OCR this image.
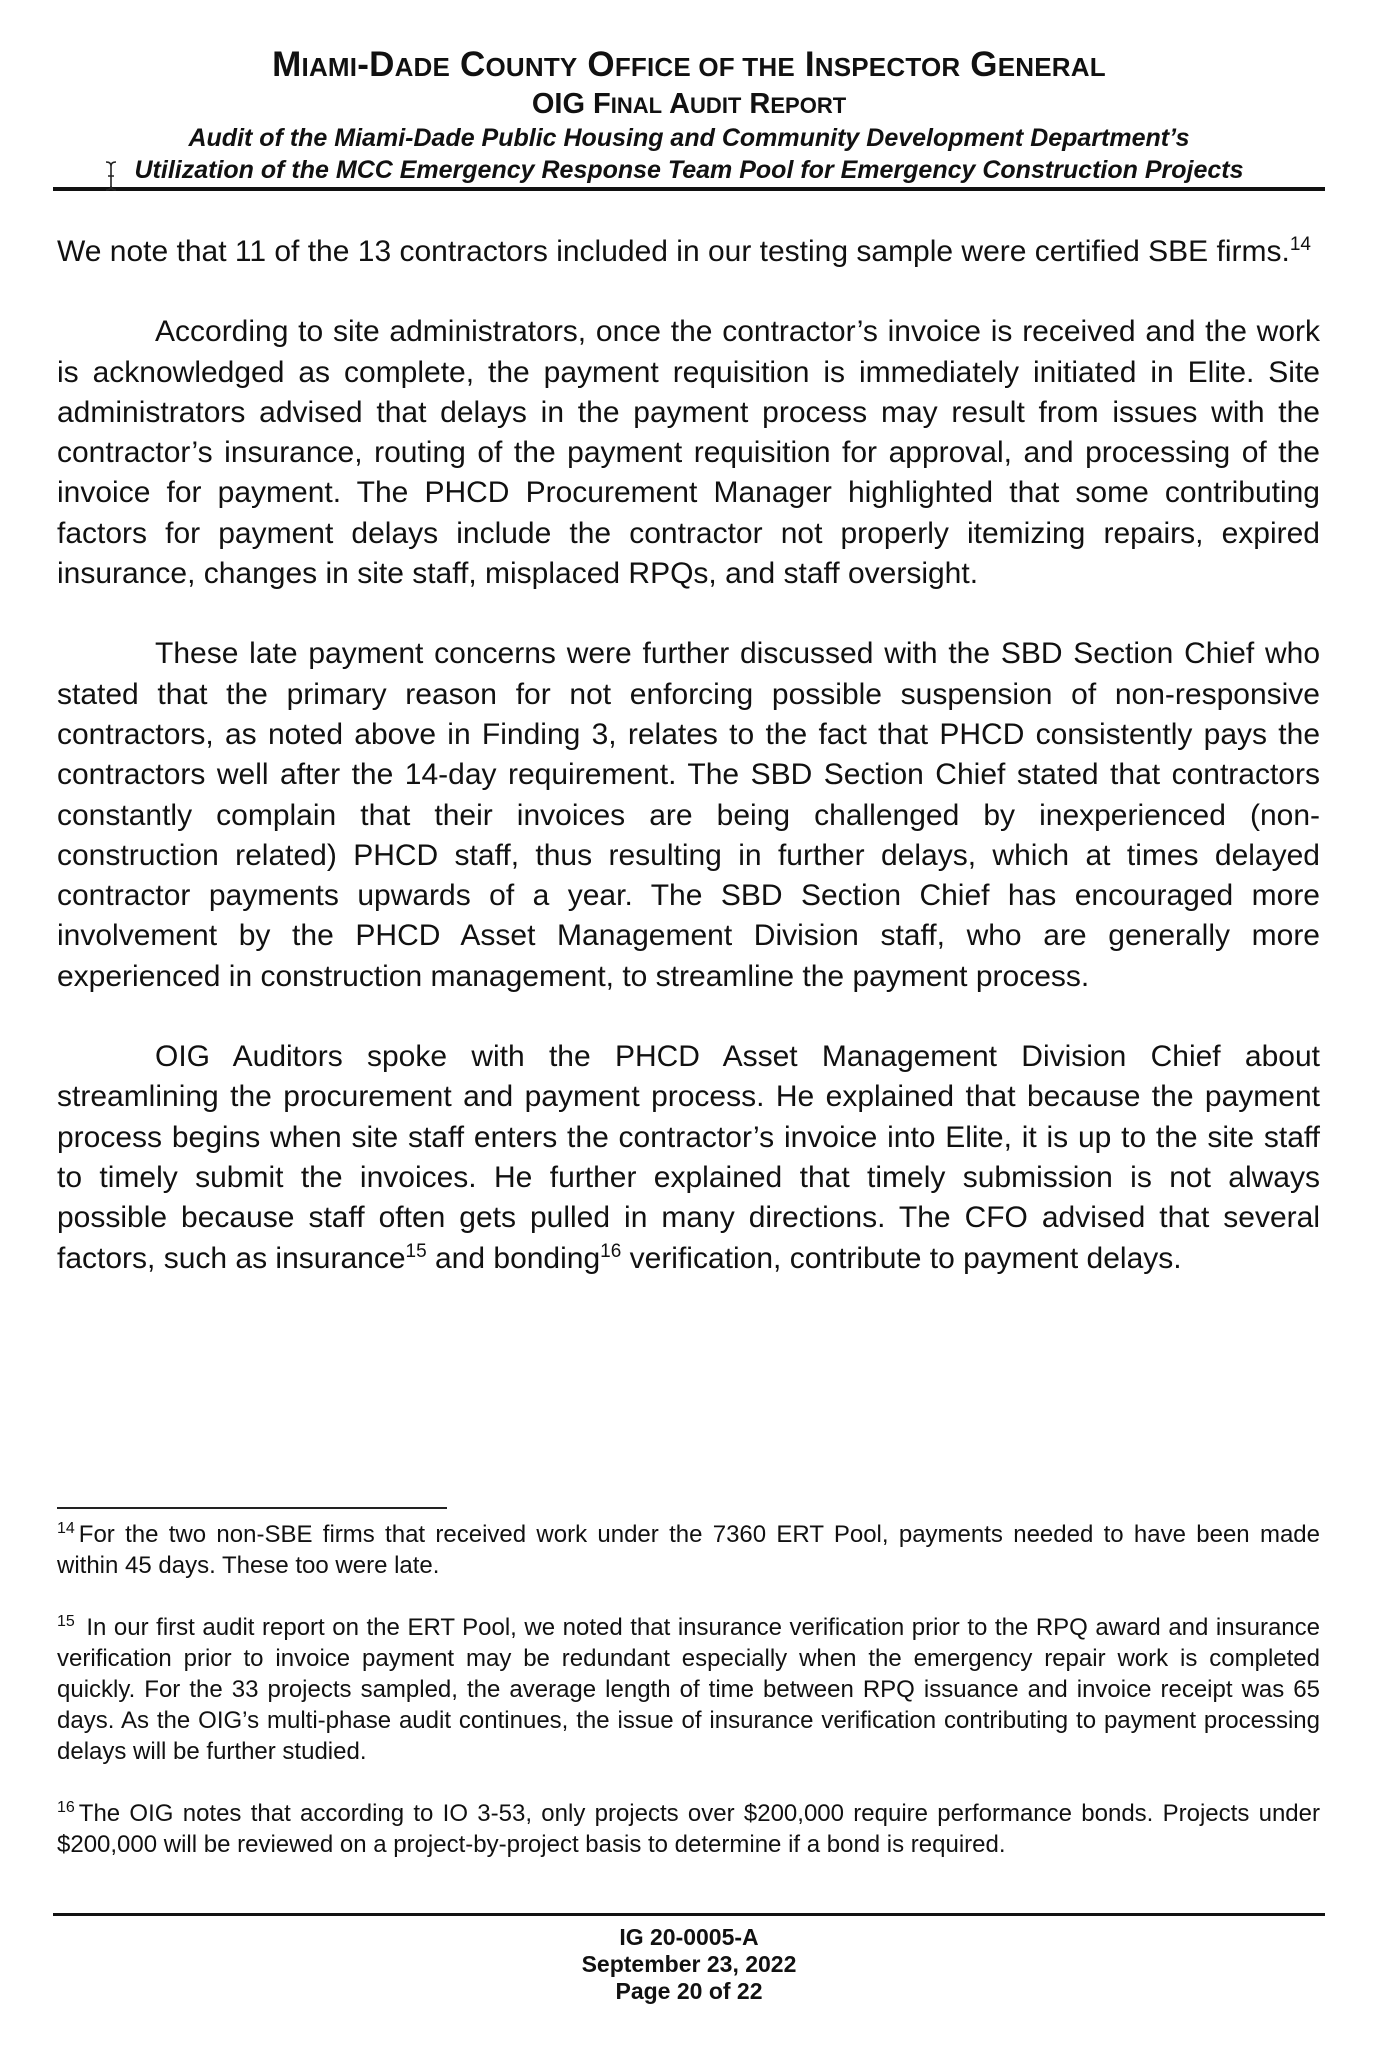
MIAMI-DADE COUNTY OFFICE OF THE INSPECTOR GENERAL
OIG FINAL AUDIT REPORT
Audit of the Miami-Dade Public Housing and Community Development Department’s
Utilization of the MCC Emergency Response Team Pool for Emergency Construction Projects

We note that 11 of the 13 contractors included in our testing sample were certified SBE firms.$^{14}$

According to site administrators, once the contractor’s invoice is received and the work is acknowledged as complete, the payment requisition is immediately initiated in Elite. Site administrators advised that delays in the payment process may result from issues with the contractor’s insurance, routing of the payment requisition for approval, and processing of the invoice for payment. The PHCD Procurement Manager highlighted that some contributing factors for payment delays include the contractor not properly itemizing repairs, expired insurance, changes in site staff, misplaced RPQs, and staff oversight.

These late payment concerns were further discussed with the SBD Section Chief who stated that the primary reason for not enforcing possible suspension of non-responsive contractors, as noted above in Finding 3, relates to the fact that PHCD consistently pays the contractors well after the 14-day requirement. The SBD Section Chief stated that contractors constantly complain that their invoices are being challenged by inexperienced (non-construction related) PHCD staff, thus resulting in further delays, which at times delayed contractor payments upwards of a year. The SBD Section Chief has encouraged more involvement by the PHCD Asset Management Division staff, who are generally more experienced in construction management, to streamline the payment process.

OIG Auditors spoke with the PHCD Asset Management Division Chief about streamlining the procurement and payment process. He explained that because the payment process begins when site staff enters the contractor’s invoice into Elite, it is up to the site staff to timely submit the invoices. He further explained that timely submission is not always possible because staff often gets pulled in many directions. The CFO advised that several factors, such as insurance$^{15}$ and bonding$^{16}$ verification, contribute to payment delays.

$^{14}$ For the two non-SBE firms that received work under the 7360 ERT Pool, payments needed to have been made within 45 days. These too were late.

$^{15}$ In our first audit report on the ERT Pool, we noted that insurance verification prior to the RPQ award and insurance verification prior to invoice payment may be redundant especially when the emergency repair work is completed quickly. For the 33 projects sampled, the average length of time between RPQ issuance and invoice receipt was 65 days. As the OIG’s multi-phase audit continues, the issue of insurance verification contributing to payment processing delays will be further studied.

$^{16}$ The OIG notes that according to IO 3-53, only projects over $200,000 require performance bonds. Projects under $200,000 will be reviewed on a project-by-project basis to determine if a bond is required.

IG 20-0005-A
September 23, 2022
Page 20 of 22
